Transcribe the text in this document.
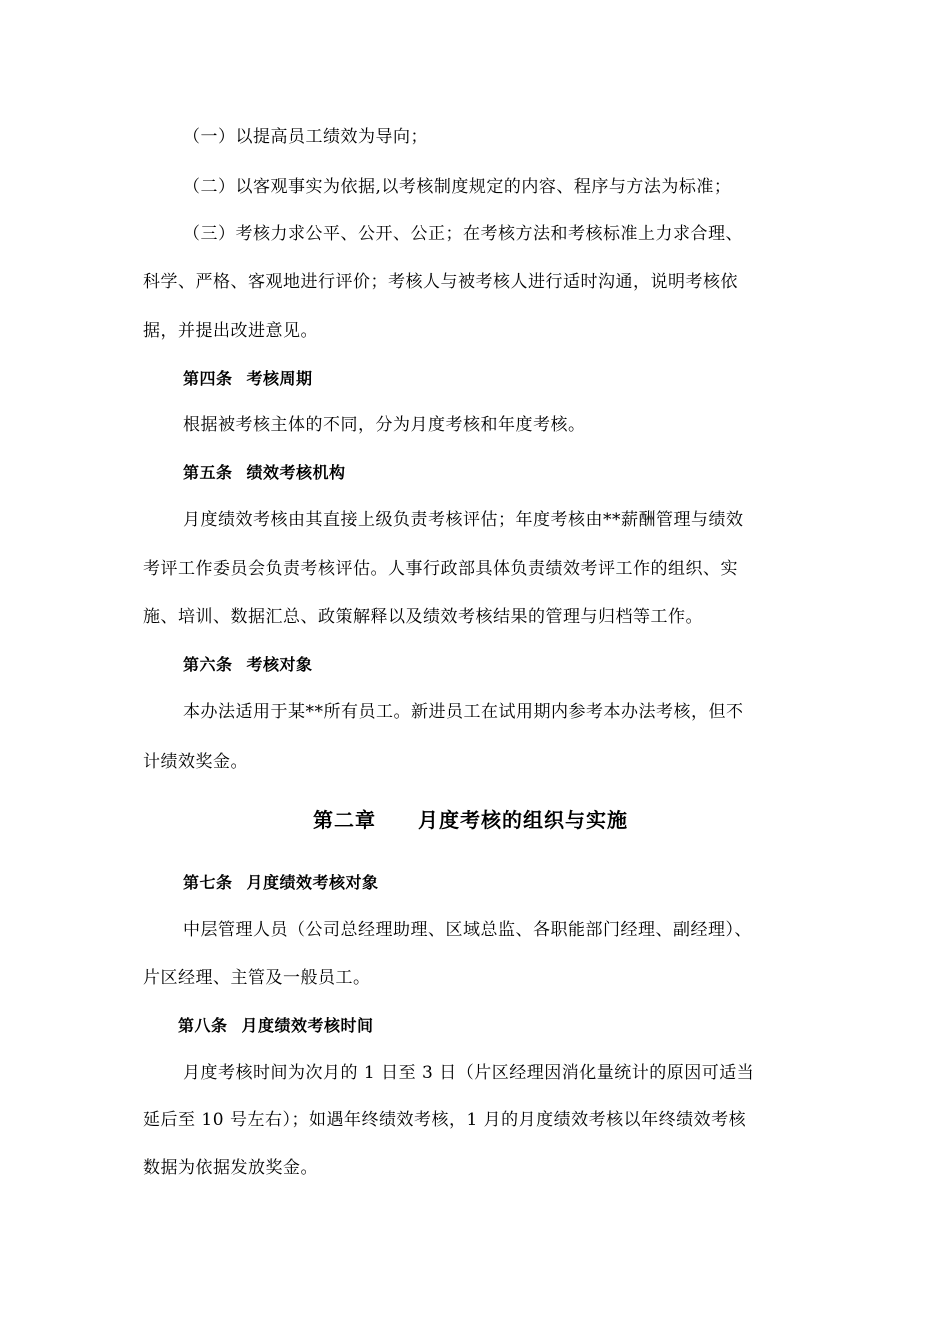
（一）以提高员工绩效为导向；
（二）以客观事实为依据,以考核制度规定的内容、程序与方法为标准；
（三）考核力求公平、公开、公正；在考核方法和考核标准上力求合理、
科学、严格、客观地进行评价；考核人与被考核人进行适时沟通，说明考核依
据，并提出改进意见。
第四条 考核周期
根据被考核主体的不同，分为月度考核和年度考核。
第五条 绩效考核机构
月度绩效考核由其直接上级负责考核评估；年度考核由**薪酬管理与绩效
考评工作委员会负责考核评估。人事行政部具体负责绩效考评工作的组织、实
施、培训、数据汇总、政策解释以及绩效考核结果的管理与归档等工作。
第六条 考核对象
本办法适用于某**所有员工。新进员工在试用期内参考本办法考核，但不
计绩效奖金。
第二章 月度考核的组织与实施
第七条 月度绩效考核对象
中层管理人员（公司总经理助理、区域总监、各职能部门经理、副经理）、
片区经理、主管及一般员工。
第八条 月度绩效考核时间
月度考核时间为次月的 1 日至 3 日（片区经理因消化量统计的原因可适当
延后至 10 号左右）；如遇年终绩效考核，1 月的月度绩效考核以年终绩效考核
数据为依据发放奖金。
